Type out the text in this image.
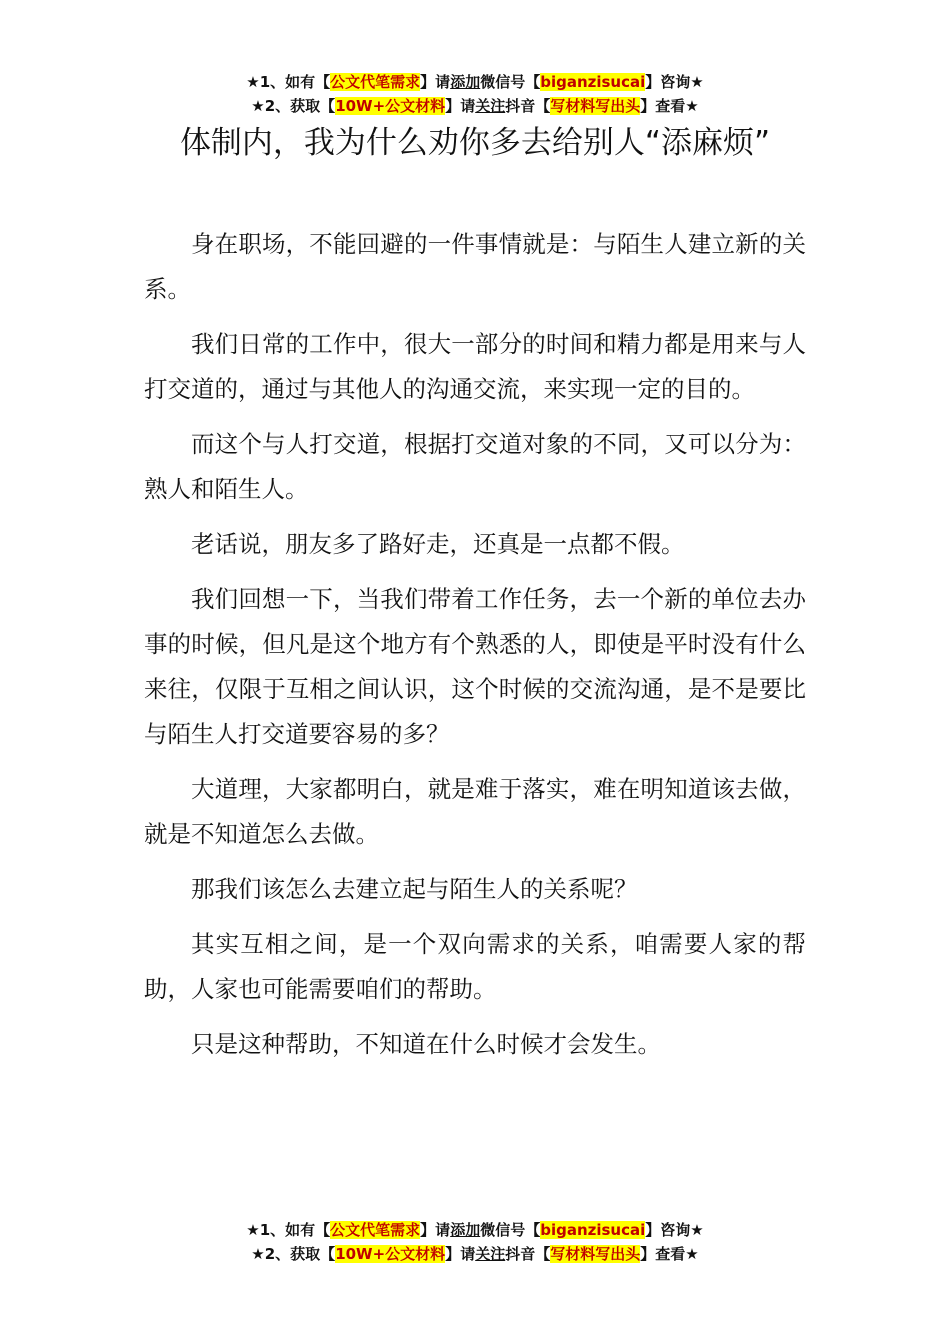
★1、如有【公文代笔需求】请添加微信号【biganzisucai】咨询★
★2、获取【10W+公文材料】请关注抖音【写材料写出头】查看★
体制内，我为什么劝你多去给别人“添麻烦”

身在职场，不能回避的一件事情就是：与陌生人建立新的关系。

我们日常的工作中，很大一部分的时间和精力都是用来与人打交道的，通过与其他人的沟通交流，来实现一定的目的。

而这个与人打交道，根据打交道对象的不同，又可以分为：熟人和陌生人。

老话说，朋友多了路好走，还真是一点都不假。

我们回想一下，当我们带着工作任务，去一个新的单位去办事的时候，但凡是这个地方有个熟悉的人，即使是平时没有什么来往，仅限于互相之间认识，这个时候的交流沟通，是不是要比与陌生人打交道要容易的多？

大道理，大家都明白，就是难于落实，难在明知道该去做，就是不知道怎么去做。

那我们该怎么去建立起与陌生人的关系呢？

其实互相之间，是一个双向需求的关系，咱需要人家的帮助，人家也可能需要咱们的帮助。

只是这种帮助，不知道在什么时候才会发生。

★1、如有【公文代笔需求】请添加微信号【biganzisucai】咨询★
★2、获取【10W+公文材料】请关注抖音【写材料写出头】查看★
